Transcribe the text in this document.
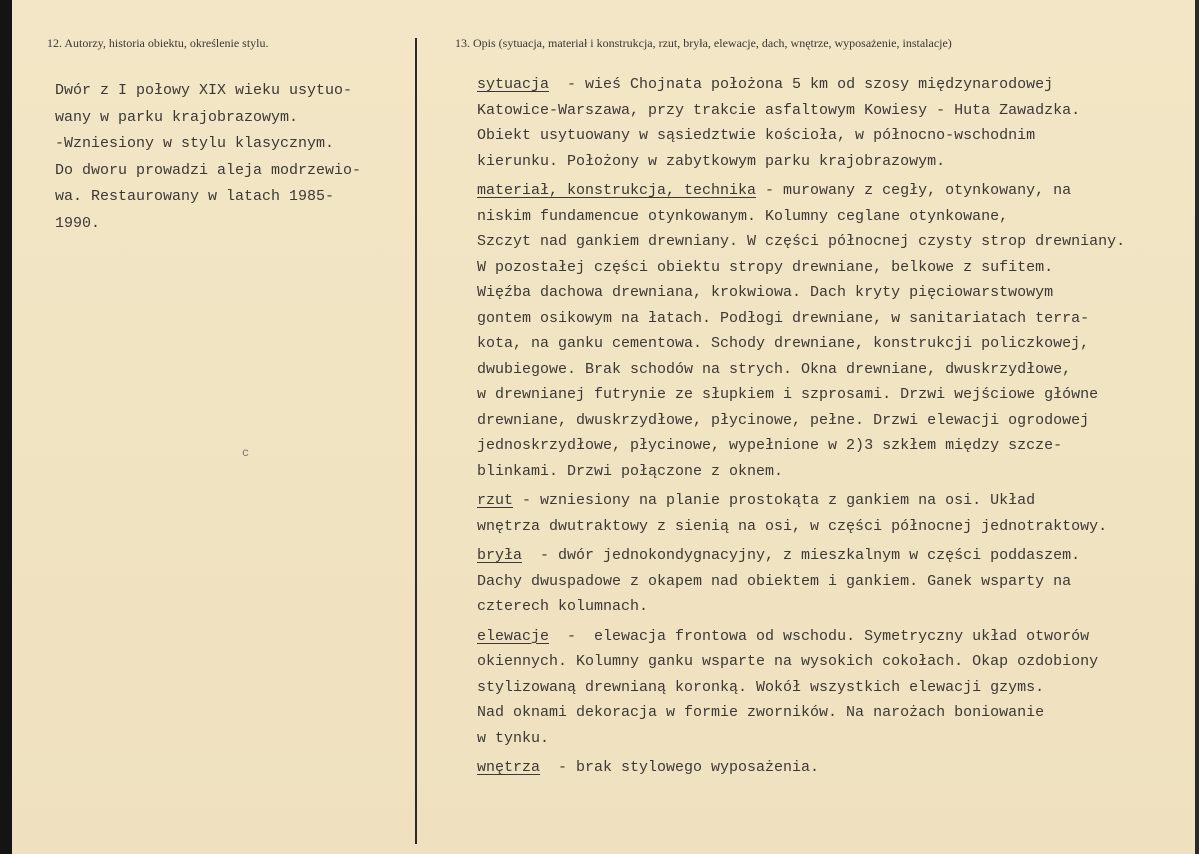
12. Autorzy, historia obiektu, określenie stylu.	13. Opis (sytuacja, materiał i konstrukcja, rzut, bryła, elewacje, dach, wnętrze, wyposażenie, instalacje)
Dwór z I połowy XIX wieku usytuo-
wany w parku krajobrazowym.
-Wzniesiony w stylu klasycznym.
Do dworu prowadzi aleja modrzewio-
wa. Restaurowany w latach 1985-
1990.
sytuacja  - wieś Chojnata położona 5 km od szosy międzynarodowej
Katowice-Warszawa, przy trakcie asfaltowym Kowiesy - Huta Zawadzka.
Obiekt usytuowany w sąsiedztwie kościoła, w północno-wschodnim
kierunku. Położony w zabytkowym parku krajobrazowym.
materiał, konstrukcja, technika - murowany z cegły, otynkowany, na
niskim fundamencue otynkowanym. Kolumny ceglane otynkowane,
Szczyt nad gankiem drewniany. W części północnej czysty strop drewniany.
W pozostałej części obiektu stropy drewniane, belkowe z sufitem.
Więźba dachowa drewniana, krokwiowa. Dach kryty pięciowarstwowym
gontem osikowym na łatach. Podłogi drewniane, w sanitariatach terra-
kota, na ganku cementowa. Schody drewniane, konstrukcji policzkowej,
dwubiegowe. Brak schodów na strych. Okna drewniane, dwuskrzydłowe,
w drewnianej futrynie ze słupkiem i szprosami. Drzwi wejściowe główne
drewniane, dwuskrzydłowe, płycinowe, pełne. Drzwi elewacji ogrodowej
jednoskrzydłowe, płycinowe, wypełnione w 2)3 szkłem między szcze-
blinkami. Drzwi połączone z oknem.
rzut - wzniesiony na planie prostokąta z gankiem na osi. Układ
wnętrza dwutraktowy z sienią na osi, w części północnej jednotraktowy.
bryła  - dwór jednokondygnacyjny, z mieszkalnym w części poddaszem.
Dachy dwuspadowe z okapem nad obiektem i gankiem. Ganek wsparty na
czterech kolumnach.
elewacje  -  elewacja frontowa od wschodu. Symetryczny układ otworów
okiennych. Kolumny ganku wsparte na wysokich cokołach. Okap ozdobiony
stylizowaną drewnianą koronką. Wokół wszystkich elewacji gzyms.
Nad oknami dekoracja w formie zworników. Na narożach boniowanie
w tynku.
wnętrza  - brak stylowego wyposażenia.
c
